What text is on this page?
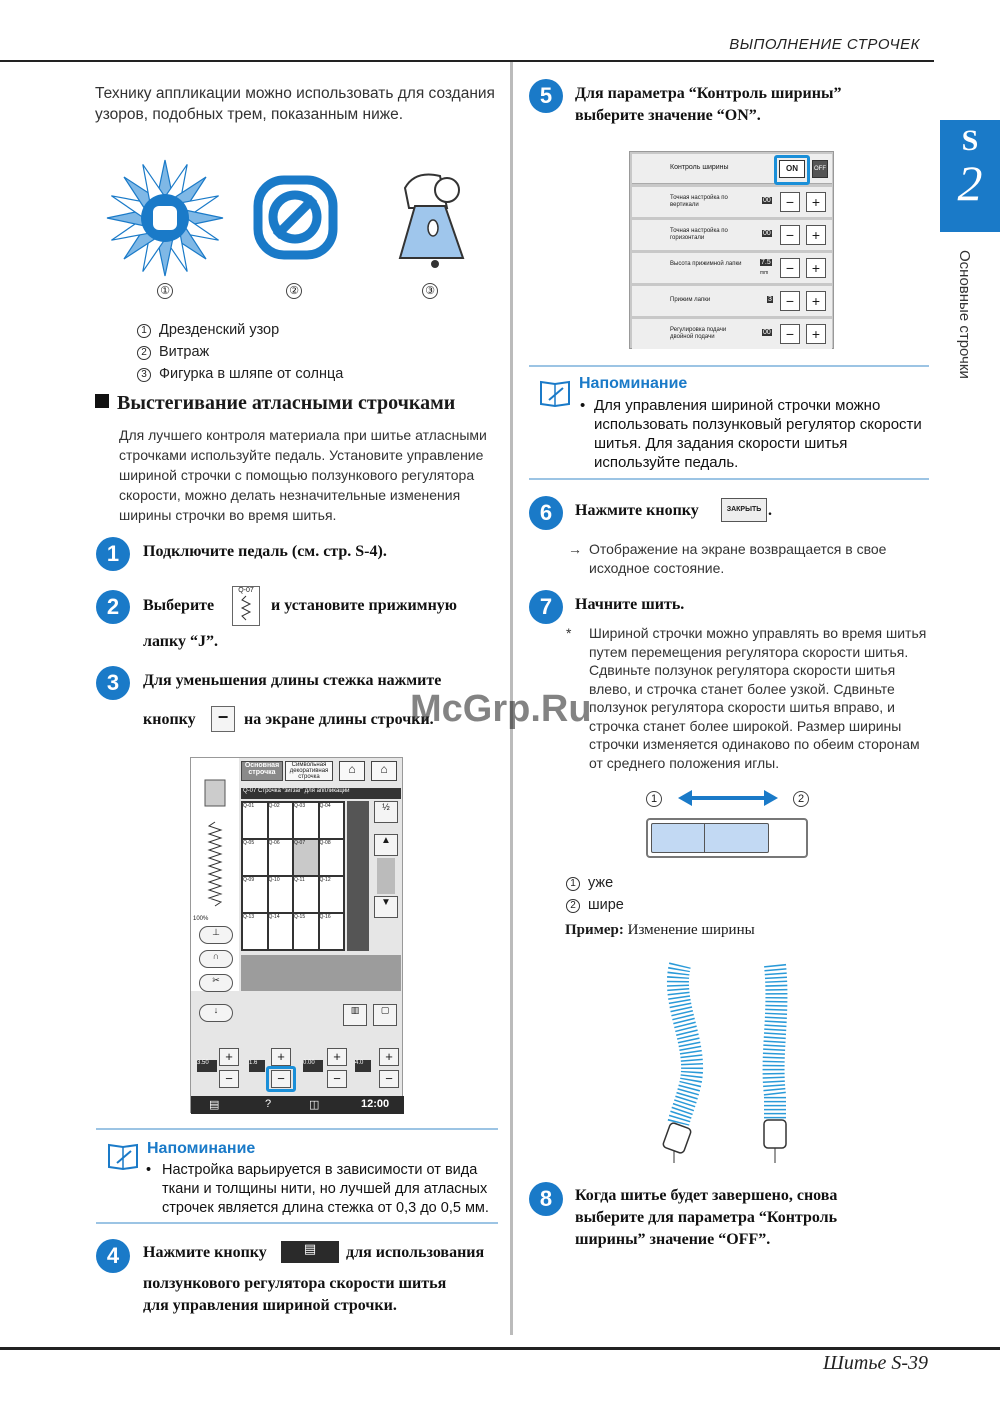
ВЫПОЛНЕНИЕ СТРОЧЕК
S
2
Основные строчки
Технику аппликации можно использовать для создания узоров, подобных трем, показанным ниже.
①	②	③
1 Дрезденский узор
2 Витраж
3 Фигурка в шляпе от солнца
Выстегивание атласными строчками
Для лучшего контроля материала при шитье атласными строчками используйте педаль. Установите управление шириной строчки с помощью ползункового регулятора скорости, можно делать незначительные изменения ширины строчки во время шитья.
1	Подключите педаль (см. стр. S-4).
2	Выберите
Q-07
и установите прижимную
лапку “J”.
3	Для уменьшения длины стежка нажмите
кнопку	− на экране длины строчки.
100%
Основная строчка
Символьная декоративная строчка
⌂	⌂
Q-07 Строчка “зигзаг” для аппликаций
Q-01	Q-02	Q-03	Q-04
Q-05	Q-06	Q-07	Q-08
Q-09	Q-10	Q-11	Q-12
Q-13	Q-14	Q-15	Q-16
½
▲
▼
⊥
∩
✂
↓	▥	▢
3.50	+
−
1.6	+
−
0.00	+
−
4.0	+
−
▤	?	◫	12:00
Напоминание
• Настройка варьируется в зависимости от вида ткани и толщины нити, но лучшей для атласных строчек является длина стежка от 0,3 до 0,5 мм.
4	Нажмите кнопку	▤	для использования
ползункового регулятора скорости шитья
для управления шириной строчки.
5	Для параметра “Контроль ширины”
выберите значение “ON”.
Контроль ширины	ON	OFF
Точная настройка по вертикали
00	−	+
Точная настройка по горизонтали
00	−	+
Высота прижимной лапки	7.5
mm	−	+
Прижим лапки	3	−	+
Регулировка подачи двойной подачи
00	−	+
Напоминание
• Для управления шириной строчки можно использовать ползунковый регулятор скорости шитья. Для задания скорости шитья используйте педаль.
6	Нажмите кнопку	ЗАКРЫТЬ .
→ Отображение на экране возвращается в свое исходное состояние.
7	Начните шить.
*	Шириной строчки можно управлять во время шитья путем перемещения регулятора скорости шитья. Сдвиньте ползунок регулятора скорости шитья влево, и строчка станет более узкой. Сдвиньте ползунок регулятора скорости шитья вправо, и строчка станет более широкой. Размер ширины строчки изменяется одинаково по обеим сторонам от среднего положения иглы.
1	2
1 уже
2 шире
Пример: Изменение ширины
8	Когда шитье будет завершено, снова
выберите для параметра “Контроль
ширины” значение “OFF”.
McGrp.Ru
Шитье S-39
